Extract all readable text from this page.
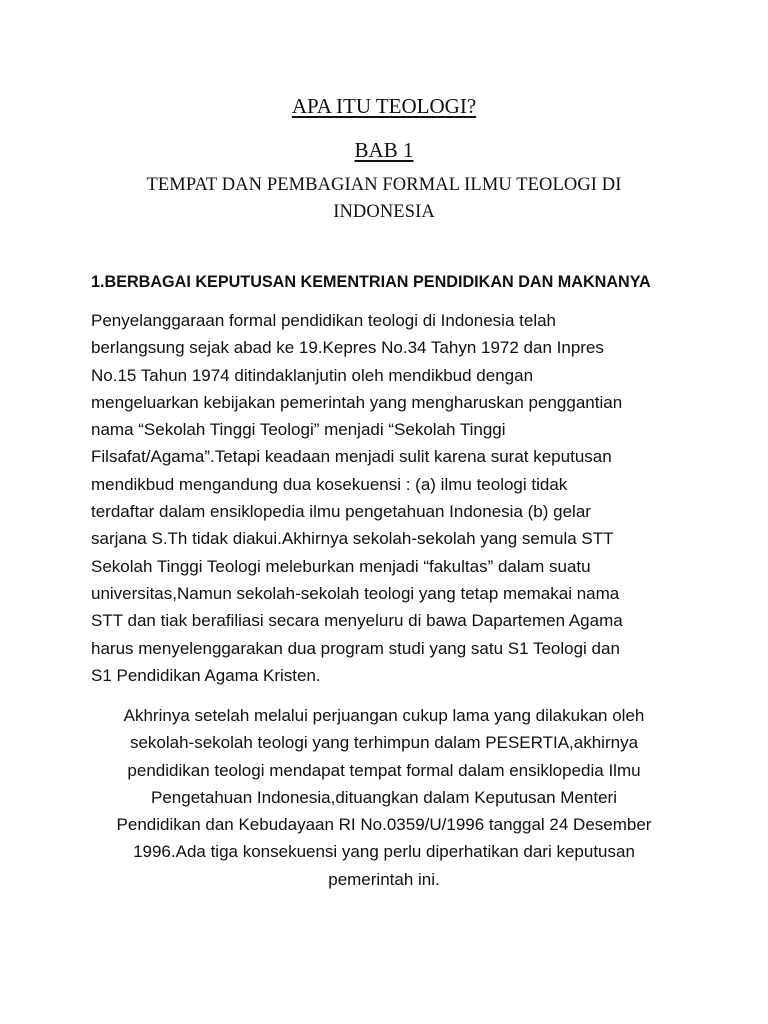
APA ITU TEOLOGI?
BAB 1
TEMPAT DAN PEMBAGIAN FORMAL ILMU TEOLOGI DI
INDONESIA
1.BERBAGAI KEPUTUSAN KEMENTRIAN PENDIDIKAN DAN MAKNANYA

Penyelanggaraan formal pendidikan teologi di Indonesia telah
berlangsung sejak abad ke 19.Kepres No.34 Tahyn 1972 dan Inpres
No.15 Tahun 1974 ditindaklanjutin oleh mendikbud dengan
mengeluarkan kebijakan pemerintah yang mengharuskan penggantian
nama “Sekolah Tinggi Teologi” menjadi “Sekolah Tinggi
Filsafat/Agama”.Tetapi keadaan menjadi sulit karena surat keputusan
mendikbud mengandung dua kosekuensi : (a) ilmu teologi tidak
terdaftar dalam ensiklopedia ilmu pengetahuan Indonesia (b) gelar
sarjana S.Th tidak diakui.Akhirnya sekolah-sekolah yang semula STT
Sekolah Tinggi Teologi meleburkan menjadi “fakultas” dalam suatu
universitas,Namun sekolah-sekolah teologi yang tetap memakai nama
STT dan tiak berafiliasi secara menyeluru di bawa Dapartemen Agama
harus menyelenggarakan dua program studi yang satu S1 Teologi dan
S1 Pendidikan Agama Kristen.

Akhrinya setelah melalui perjuangan cukup lama yang dilakukan oleh
sekolah-sekolah teologi yang terhimpun dalam PESERTIA,akhirnya
pendidikan teologi mendapat tempat formal dalam ensiklopedia Ilmu
Pengetahuan Indonesia,dituangkan dalam Keputusan Menteri
Pendidikan dan Kebudayaan RI No.0359/U/1996 tanggal 24 Desember
1996.Ada tiga konsekuensi yang perlu diperhatikan dari keputusan
pemerintah ini.
